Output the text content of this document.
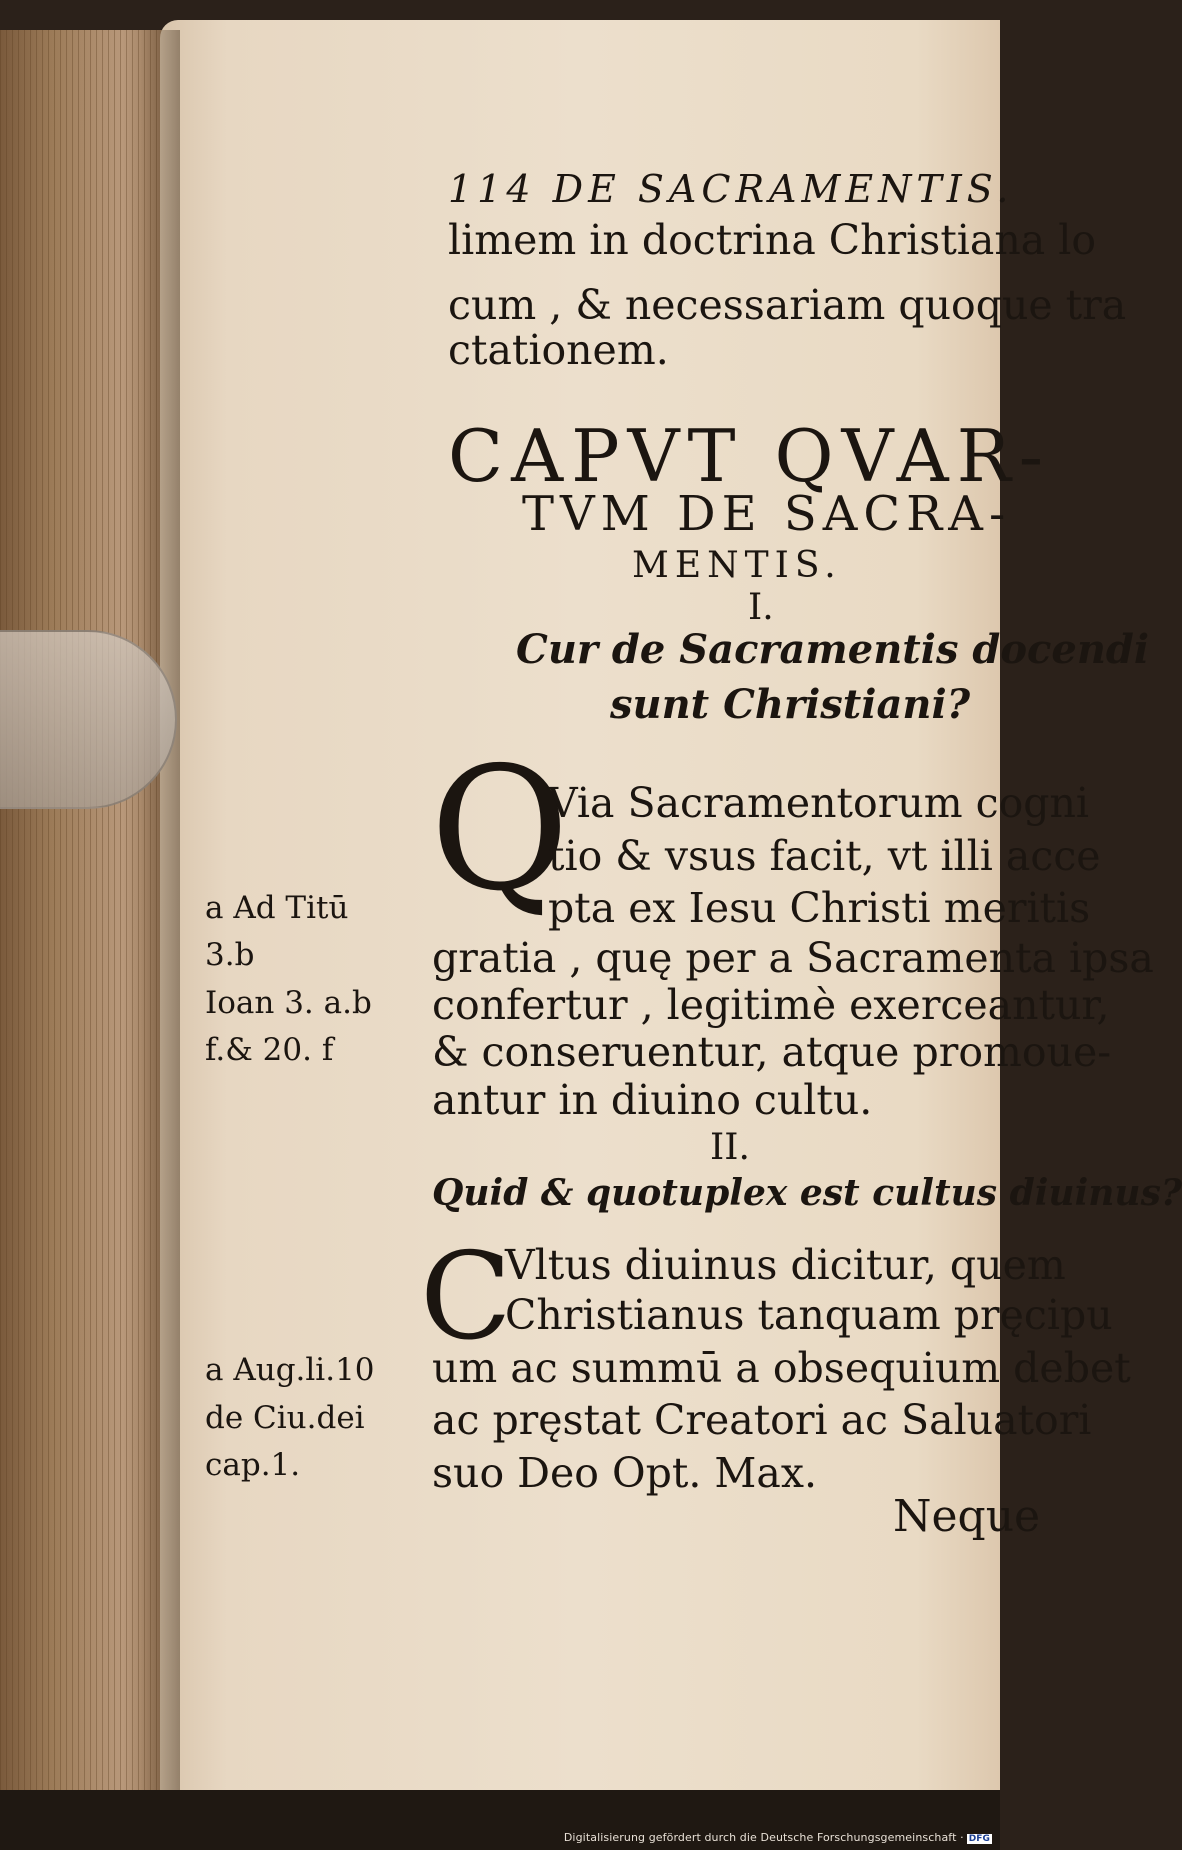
114 DE SACRAMENTIS.
limem in doctrina Christiana lo
cum , & necessariam quoque tra
ctationem.
CAPVT QVAR-
TVM DE SACRA-
MENTIS.
I.
Cur de Sacramentis docendi
sunt Christiani?
Q
Via Sacramentorum cogni
tio & vsus facit, vt illi acce
pta ex Iesu Christi meritis
gratia , quę per a Sacramenta ipsa
confertur , legitimè exerceantur,
& conseruentur, atque promoue-
antur in diuino cultu.
a Ad Titū
3.b
Ioan 3. a.b
f.& 20. f
II.
Quid & quotuplex est cultus diuinus?
C
Vltus diuinus dicitur, quem
Christianus tanquam pręcipu
um ac summū a obsequium debet
ac pręstat Creatori ac Saluatori
suo Deo Opt. Max.
a Aug.li.10
de Ciu.dei
cap.1.
Neque
Digitalisierung gefördert durch die Deutsche Forschungsgemeinschaft · DFG
